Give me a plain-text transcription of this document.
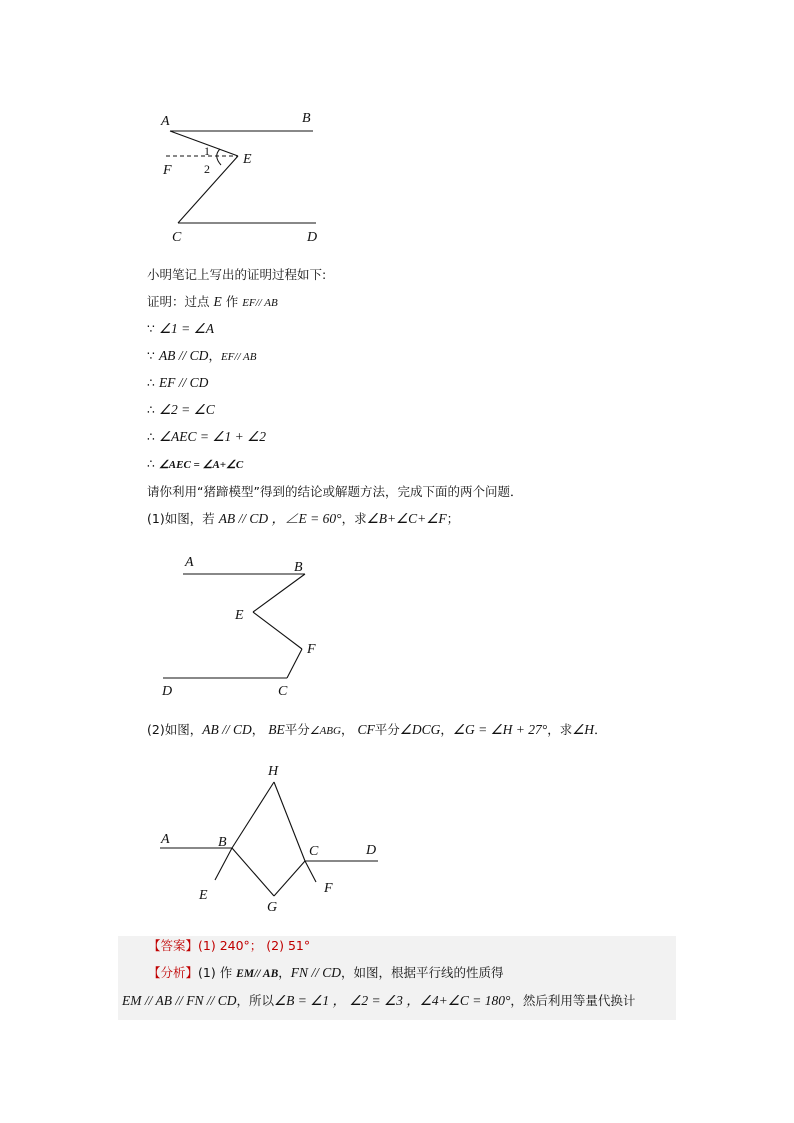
A	B
E
F
C	D
1
2
小明笔记上写出的证明过程如下:
证明：过点 E 作 EF// AB
∵ ∠1 = ∠A
∵ AB // CD，EF// AB
∴ EF // CD
∴ ∠2 = ∠C
∴ ∠AEC = ∠1 + ∠2
∴ ∠AEC = ∠A+∠C
请你利用“猪蹄模型”得到的结论或解题方法，完成下面的两个问题．
(1)如图，若 AB // CD ，∠E = 60°，求∠B+∠C+∠F；
A	B
E
F
D	C
(2)如图，AB // CD， BE平分∠ABG， CF平分∠DCG，∠G = ∠H + 27°，求∠H．
H
A	B
C	D
E
G
F
【答案】(1) 240°； (2) 51°
【分析】(1) 作 EM// AB，FN // CD，如图，根据平行线的性质得
EM // AB // FN // CD，所以∠B = ∠1 ， ∠2 = ∠3 ，∠4+∠C = 180°，然后利用等量代换计
